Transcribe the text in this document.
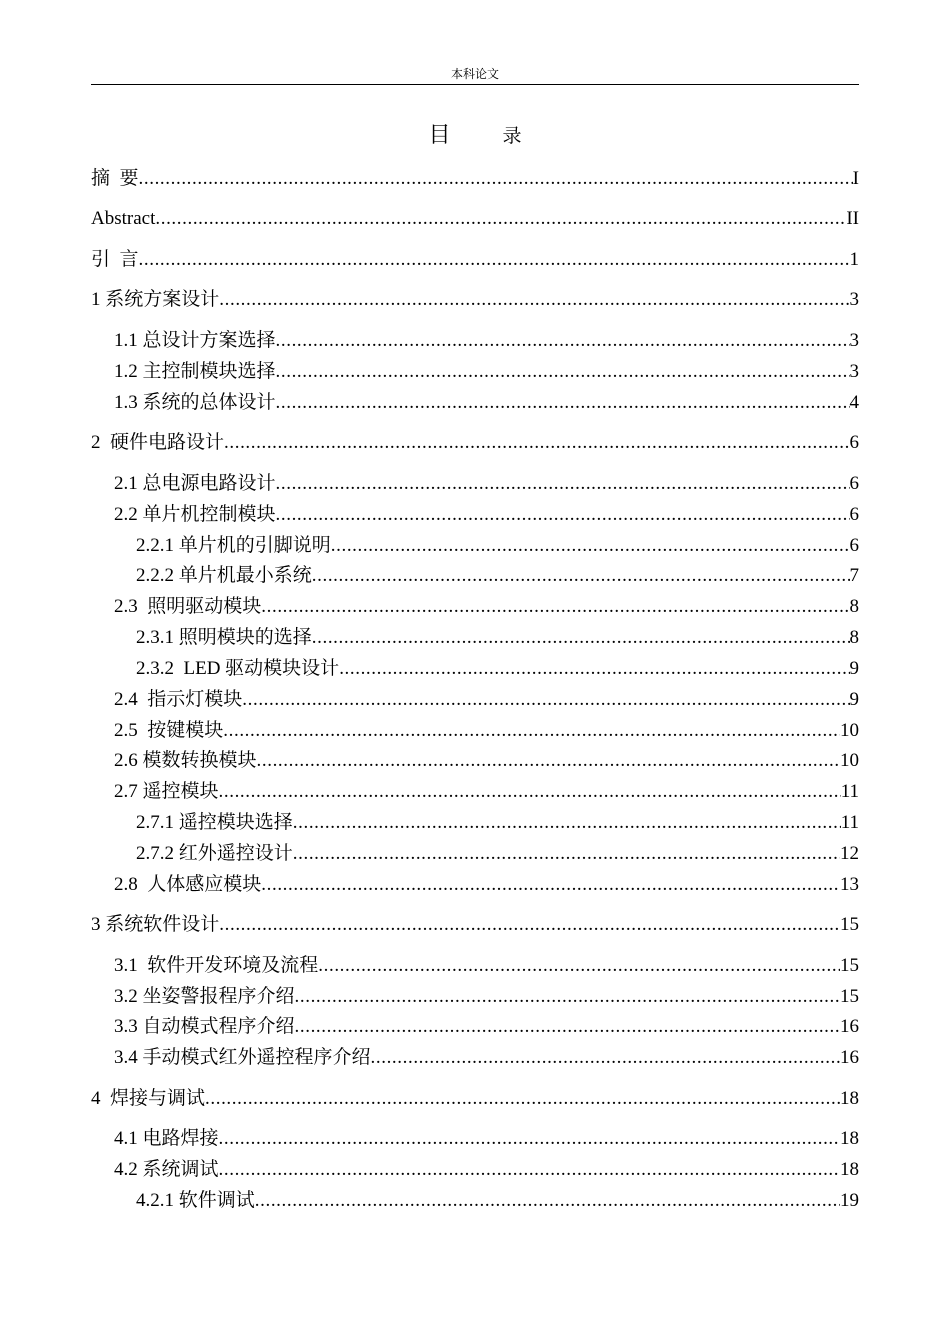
本科论文
目	录
摘  要 .....	I
Abstract .....	II
引  言 .....	1
1 系统方案设计 .....	3
1.1 总设计方案选择 .....	3
1.2 主控制模块选择 .....	3
1.3 系统的总体设计 .....	4
2  硬件电路设计 .....	6
2.1 总电源电路设计 .....	6
2.2 单片机控制模块 .....	6
2.2.1 单片机的引脚说明 .....	6
2.2.2 单片机最小系统 .....	7
2.3  照明驱动模块 .....	8
2.3.1 照明模块的选择 .....	8
2.3.2  LED 驱动模块设计 .....	9
2.4  指示灯模块 .....	9
2.5  按键模块 .....	10
2.6 模数转换模块 .....	10
2.7 遥控模块 .....	11
2.7.1 遥控模块选择 .....	11
2.7.2 红外遥控设计 .....	12
2.8  人体感应模块 .....	13
3 系统软件设计 .....	15
3.1  软件开发环境及流程 .....	15
3.2 坐姿警报程序介绍 .....	15
3.3 自动模式程序介绍 .....	16
3.4 手动模式红外遥控程序介绍 .....	16
4  焊接与调试 .....	18
4.1 电路焊接 .....	18
4.2 系统调试 .....	18
4.2.1 软件调试 .....	19
